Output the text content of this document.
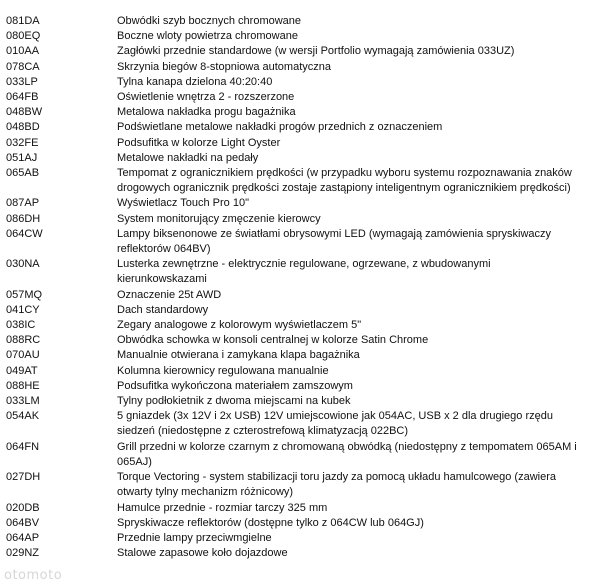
081DA	Obwódki szyb bocznych chromowane
080EQ	Boczne wloty powietrza chromowane
010AA	Zagłówki przednie standardowe (w wersji Portfolio wymagają zamówienia 033UZ)
078CA	Skrzynia biegów 8-stopniowa automatyczna
033LP	Tylna kanapa dzielona 40:20:40
064FB	Oświetlenie wnętrza 2 - rozszerzone
048BW	Metalowa nakładka progu bagażnika
048BD	Podświetlane metalowe nakładki progów przednich z oznaczeniem
032FE	Podsufitka w kolorze Light Oyster
051AJ	Metalowe nakładki na pedały
065AB	Tempomat z ogranicznikiem prędkości (w przypadku wyboru systemu rozpoznawania znaków drogowych ogranicznik prędkości zostaje zastąpiony inteligentnym ogranicznikiem prędkości)
087AP	Wyświetlacz Touch Pro 10"
086DH	System monitorujący zmęczenie kierowcy
064CW	Lampy biksenonowe ze światłami obrysowymi LED (wymagają zamówienia spryskiwaczy reflektorów 064BV)
030NA	Lusterka zewnętrzne - elektrycznie regulowane, ogrzewane, z wbudowanymi kierunkowskazami
057MQ	Oznaczenie 25t AWD
041CY	Dach standardowy
038IC	Zegary analogowe z kolorowym wyświetlaczem 5"
088RC	Obwódka schowka w konsoli centralnej w kolorze Satin Chrome
070AU	Manualnie otwierana i zamykana klapa bagażnika
049AT	Kolumna kierownicy regulowana manualnie
088HE	Podsufitka wykończona materiałem zamszowym
033LM	Tylny podłokietnik z dwoma miejscami na kubek
054AK	5 gniazdek (3x 12V i 2x USB) 12V umiejscowione jak 054AC, USB x 2 dla drugiego rzędu siedzeń (niedostępne z czterostrefową klimatyzacją 022BC)
064FN	Grill przedni w kolorze czarnym z chromowaną obwódką (niedostępny z tempomatem 065AM i 065AJ)
027DH	Torque Vectoring - system stabilizacji toru jazdy za pomocą układu hamulcowego (zawiera otwarty tylny mechanizm różnicowy)
020DB	Hamulce przednie - rozmiar tarczy 325 mm
064BV	Spryskiwacze reflektorów (dostępne tylko z 064CW lub 064GJ)
064AP	Przednie lampy przeciwmgielne
029NZ	Stalowe zapasowe koło dojazdowe
otomoto
